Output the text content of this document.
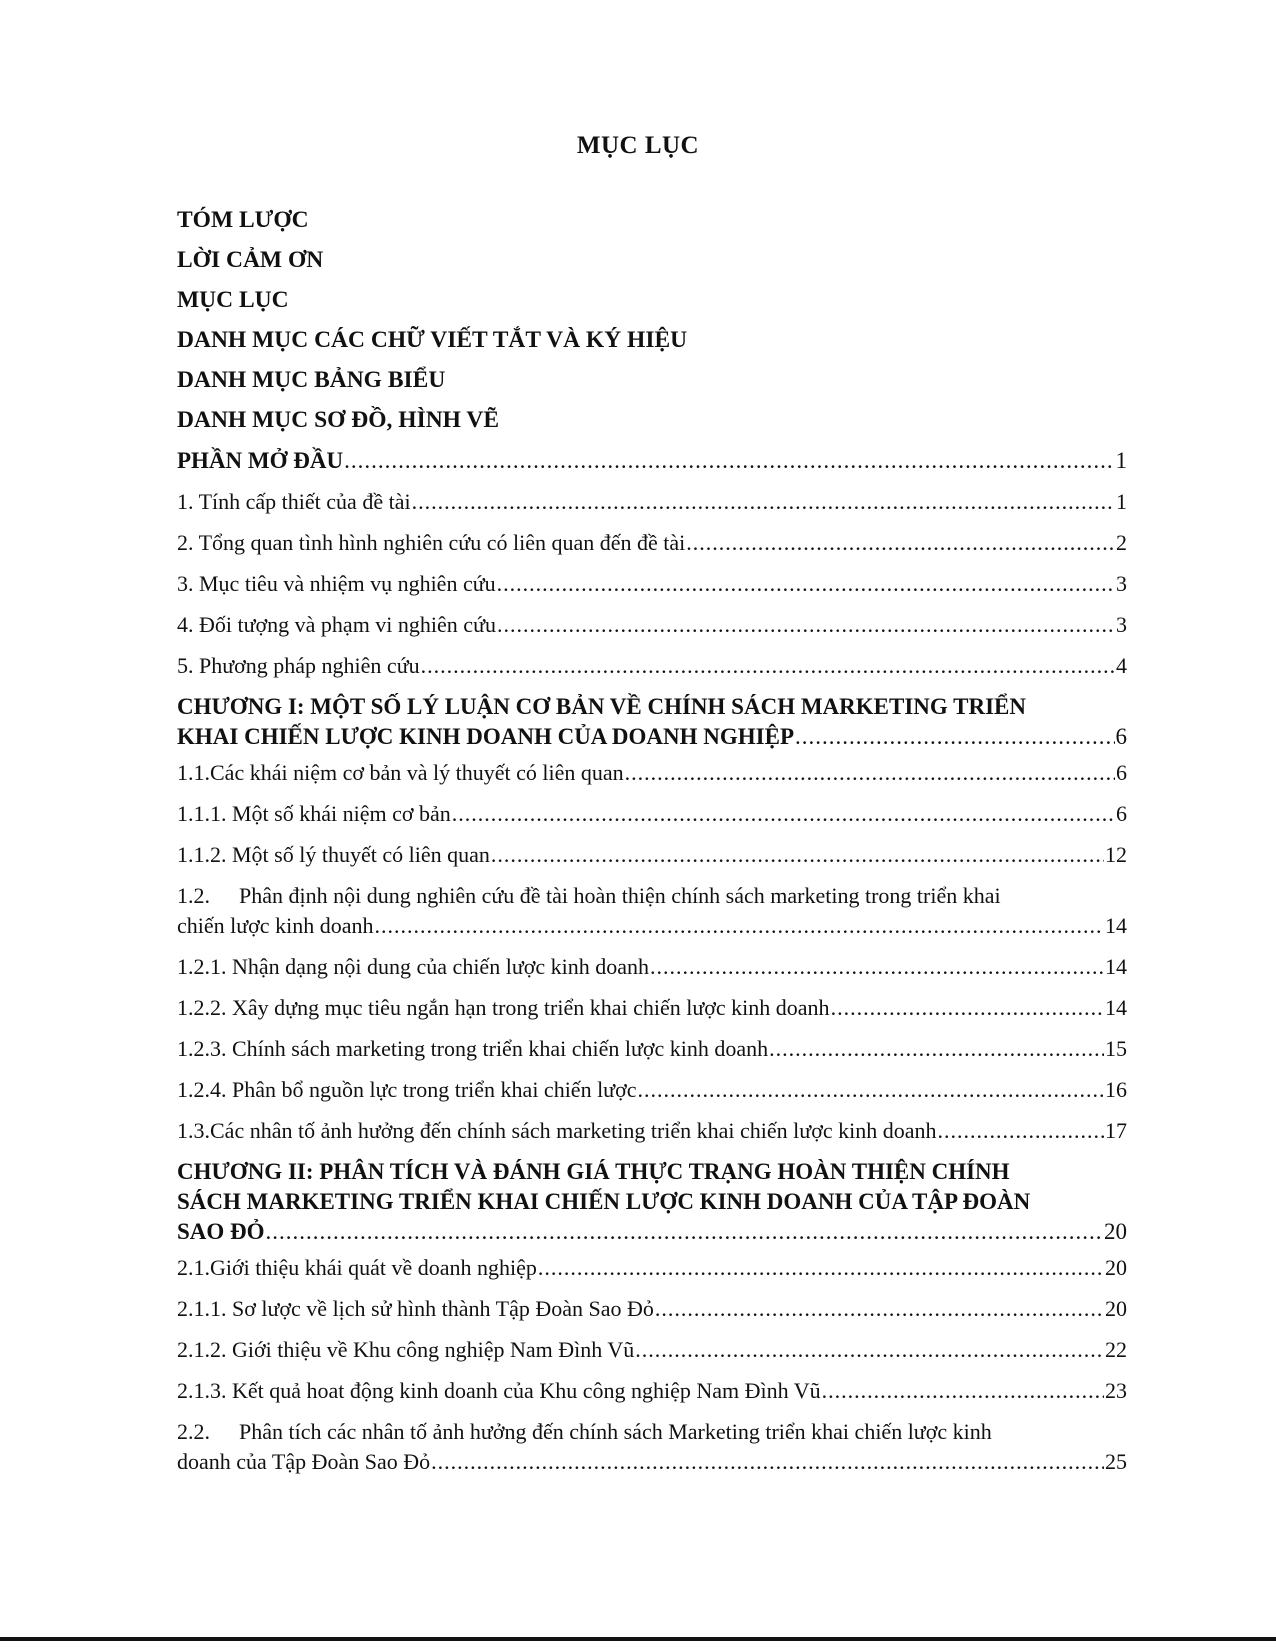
MỤC LỤC
TÓM LƯỢC
LỜI CẢM ƠN
MỤC LỤC
DANH MỤC CÁC CHỮ VIẾT TẮT VÀ KÝ HIỆU
DANH MỤC BẢNG BIỂU
DANH MỤC SƠ ĐỒ, HÌNH VẼ
PHẦN MỞ ĐẦU .....	1
1. Tính cấp thiết của đề tài .....	1
2. Tổng quan tình hình nghiên cứu có liên quan đến đề tài .....	2
3. Mục tiêu và nhiệm vụ nghiên cứu .....	3
4. Đối tượng và phạm vi nghiên cứu .....	3
5. Phương pháp nghiên cứu .....	4
CHƯƠNG I: MỘT SỐ LÝ LUẬN CƠ BẢN VỀ CHÍNH SÁCH MARKETING TRIỂN
KHAI CHIẾN LƯỢC KINH DOANH CỦA DOANH NGHIỆP .....	6
1.1. Các khái niệm cơ bản và lý thuyết có liên quan .....	6
1.1.1. Một số khái niệm cơ bản .....	6
1.1.2. Một số lý thuyết có liên quan .....	12
1.2. Phân định nội dung nghiên cứu đề tài hoàn thiện chính sách marketing trong triển khai
chiến lược kinh doanh .....	14
1.2.1. Nhận dạng nội dung của chiến lược kinh doanh .....	14
1.2.2. Xây dựng mục tiêu ngắn hạn trong triển khai chiến lược kinh doanh .....	14
1.2.3. Chính sách marketing trong triển khai chiến lược kinh doanh .....	15
1.2.4. Phân bổ nguồn lực trong triển khai chiến lược .....	16
1.3. Các nhân tố ảnh hưởng đến chính sách marketing triển khai chiến lược kinh doanh .....	17
CHƯƠNG II: PHÂN TÍCH VÀ ĐÁNH GIÁ THỰC TRẠNG HOÀN THIỆN CHÍNH
SÁCH MARKETING TRIỂN KHAI CHIẾN LƯỢC KINH DOANH CỦA TẬP ĐOÀN
SAO ĐỎ .....	20
2.1. Giới thiệu khái quát về doanh nghiệp .....	20
2.1.1. Sơ lược về lịch sử hình thành Tập Đoàn Sao Đỏ .....	20
2.1.2. Giới thiệu về Khu công nghiệp Nam Đình Vũ .....	22
2.1.3. Kết quả hoat động kinh doanh của Khu công nghiệp Nam Đình Vũ .....	23
2.2. Phân tích các nhân tố ảnh hưởng đến chính sách Marketing triển khai chiến lược kinh
doanh của Tập Đoàn Sao Đỏ .....	25
